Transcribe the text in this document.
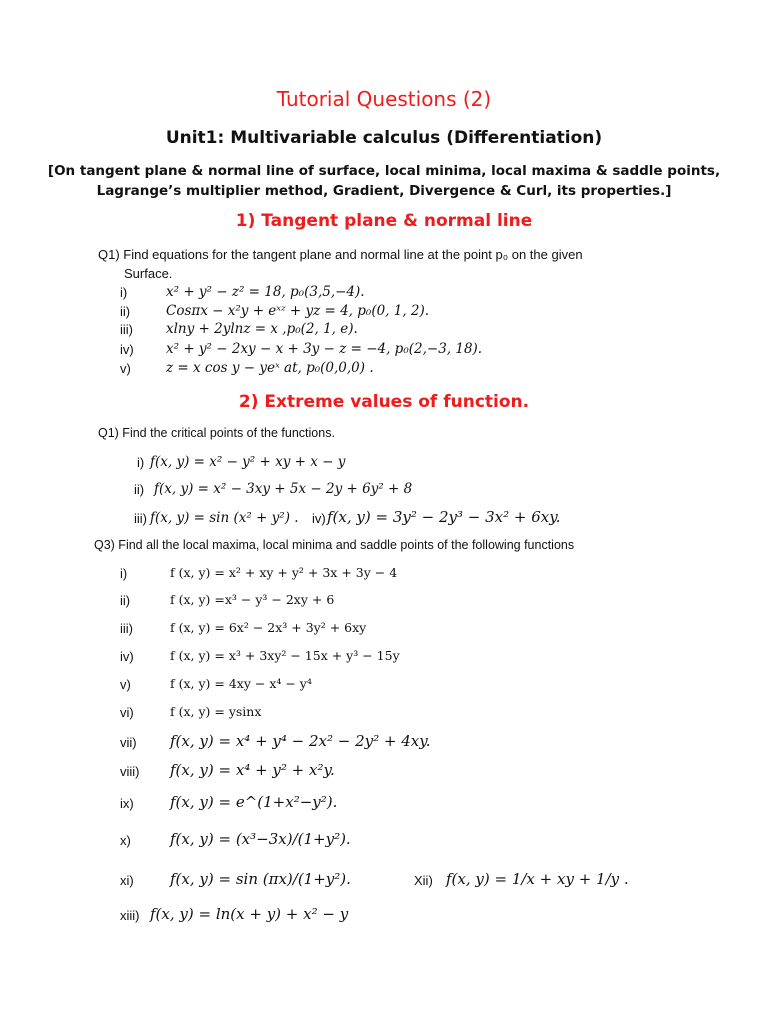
Tutorial Questions (2)
Unit1: Multivariable calculus (Differentiation)
[On tangent plane & normal line of surface, local minima, local maxima & saddle points,
Lagrange’s multiplier method, Gradient, Divergence & Curl, its properties.]
1) Tangent plane & normal line
Q1) Find equations for the tangent plane and normal line at the point p₀ on the given
Surface.
i)	x² + y² − z² = 18, p₀(3,5,−4).
ii)	Cosπx − x²y + eˣᶻ + yz = 4, p₀(0, 1, 2).
iii) xlny + 2ylnz = x ,p₀(2, 1, e).
iv) x² + y² − 2xy − x + 3y − z = −4, p₀(2,−3, 18).
v)	z = x cos y − yeˣ at, p₀(0,0,0) .
2) Extreme values of function.
Q1) Find the critical points of the functions.
i) f(x, y) = x² − y² + xy + x − y
ii) f(x, y) = x² − 3xy + 5x − 2y + 6y² + 8
iii) f(x, y) = sin (x² + y²) . iv) f(x, y) = 3y² − 2y³ − 3x² + 6xy.
Q3) Find all the local maxima, local minima and saddle points of the following functions
i)	f (x, y) = x² + xy + y² + 3x + 3y − 4
ii)	f (x, y) =x³ − y³ − 2xy + 6
iii)	f (x, y) = 6x² − 2x³ + 3y² + 6xy
iv)	f (x, y) = x³ + 3xy² − 15x + y³ − 15y
v)	f (x, y) = 4xy − x⁴ − y⁴
vi)	f (x, y) = ysinx
vii) f(x, y) = x⁴ + y⁴ − 2x² − 2y² + 4xy.
viii) f(x, y) = x⁴ + y² + x²y.
ix) f(x, y) = e^(1+x²−y²).
x)	f(x, y) = (x³−3x)/(1+y²).
xi) f(x, y) = sin (πx)/(1+y²).	Xii) f(x, y) = 1/x + xy + 1/y .
xiii) f(x, y) = ln(x + y) + x² − y
